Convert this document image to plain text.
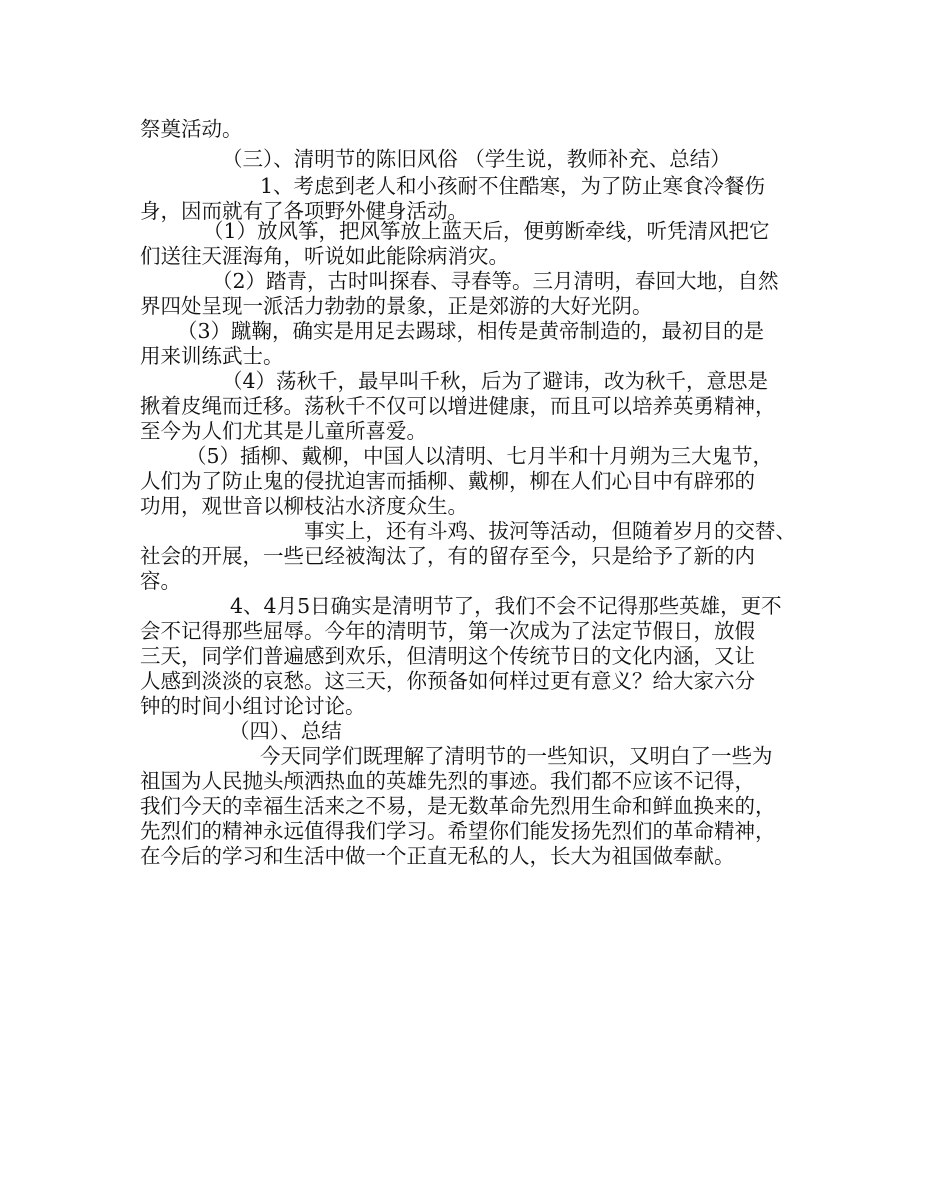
祭奠活动。
（三）、清明节的陈旧风俗 （学生说，教师补充、总结）
1、考虑到老人和小孩耐不住酷寒，为了防止寒食冷餐伤
身，因而就有了各项野外健身活动。
（1）放风筝，把风筝放上蓝天后，便剪断牵线，听凭清风把它
们送往天涯海角，听说如此能除病消灾。
（2）踏青，古时叫探春、寻春等。三月清明，春回大地，自然
界四处呈现一派活力勃勃的景象，正是郊游的大好光阴。
（3）蹴鞠，确实是用足去踢球，相传是黄帝制造的，最初目的是
用来训练武士。
（4）荡秋千，最早叫千秋，后为了避讳，改为秋千，意思是
揪着皮绳而迁移。荡秋千不仅可以增进健康，而且可以培养英勇精神，
至今为人们尤其是儿童所喜爱。
（5）插柳、戴柳，中国人以清明、七月半和十月朔为三大鬼节，
人们为了防止鬼的侵扰迫害而插柳、戴柳，柳在人们心目中有辟邪的
功用，观世音以柳枝沾水济度众生。
事实上，还有斗鸡、拔河等活动，但随着岁月的交替、
社会的开展，一些已经被淘汰了，有的留存至今，只是给予了新的内
容。
4、4月5日确实是清明节了，我们不会不记得那些英雄，更不
会不记得那些屈辱。今年的清明节，第一次成为了法定节假日，放假
三天，同学们普遍感到欢乐，但清明这个传统节日的文化内涵，又让
人感到淡淡的哀愁。这三天，你预备如何样过更有意义？给大家六分
钟的时间小组讨论讨论。
（四）、总结
今天同学们既理解了清明节的一些知识，又明白了一些为
祖国为人民抛头颅洒热血的英雄先烈的事迹。我们都不应该不记得，
我们今天的幸福生活来之不易，是无数革命先烈用生命和鲜血换来的，
先烈们的精神永远值得我们学习。希望你们能发扬先烈们的革命精神，
在今后的学习和生活中做一个正直无私的人，长大为祖国做奉献。
